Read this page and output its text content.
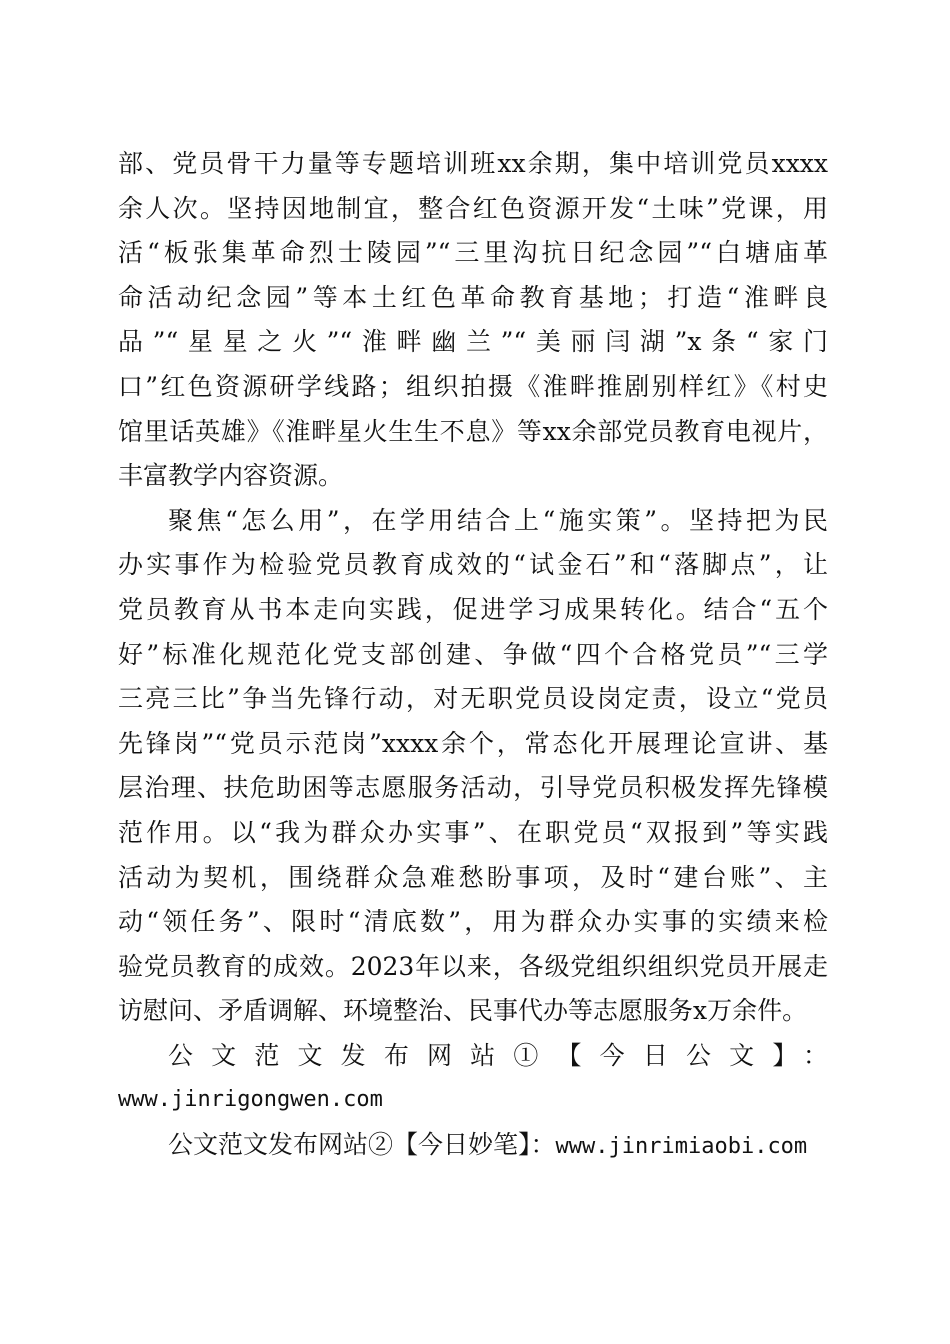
部、党员骨干力量等专题培训班xx余期，集中培训党员xxxx
余人次。坚持因地制宜，整合红色资源开发“土味”党课，用
活“板张集革命烈士陵园”“三里沟抗日纪念园”“白塘庙革
命活动纪念园”等本土红色革命教育基地；打造“淮畔良
品”“星星之火”“淮畔幽兰”“美丽闫湖”x条“家门
口”红色资源研学线路；组织拍摄《淮畔推剧别样红》《村史
馆里话英雄》《淮畔星火生生不息》等xx余部党员教育电视片，
丰富教学内容资源。
聚焦“怎么用”，在学用结合上“施实策”。坚持把为民
办实事作为检验党员教育成效的“试金石”和“落脚点”，让
党员教育从书本走向实践，促进学习成果转化。结合“五个
好”标准化规范化党支部创建、争做“四个合格党员”“三学
三亮三比”争当先锋行动，对无职党员设岗定责，设立“党员
先锋岗”“党员示范岗”xxxx余个，常态化开展理论宣讲、基
层治理、扶危助困等志愿服务活动，引导党员积极发挥先锋模
范作用。以“我为群众办实事”、在职党员“双报到”等实践
活动为契机，围绕群众急难愁盼事项，及时“建台账”、主
动“领任务”、限时“清底数”，用为群众办实事的实绩来检
验党员教育的成效。2023年以来，各级党组织组织党员开展走
访慰问、矛盾调解、环境整治、民事代办等志愿服务x万余件。
公文范文发布网站①【今日公文】：
www.jinrigongwen.com
公文范文发布网站②【今日妙笔】：www.jinrimiaobi.com
